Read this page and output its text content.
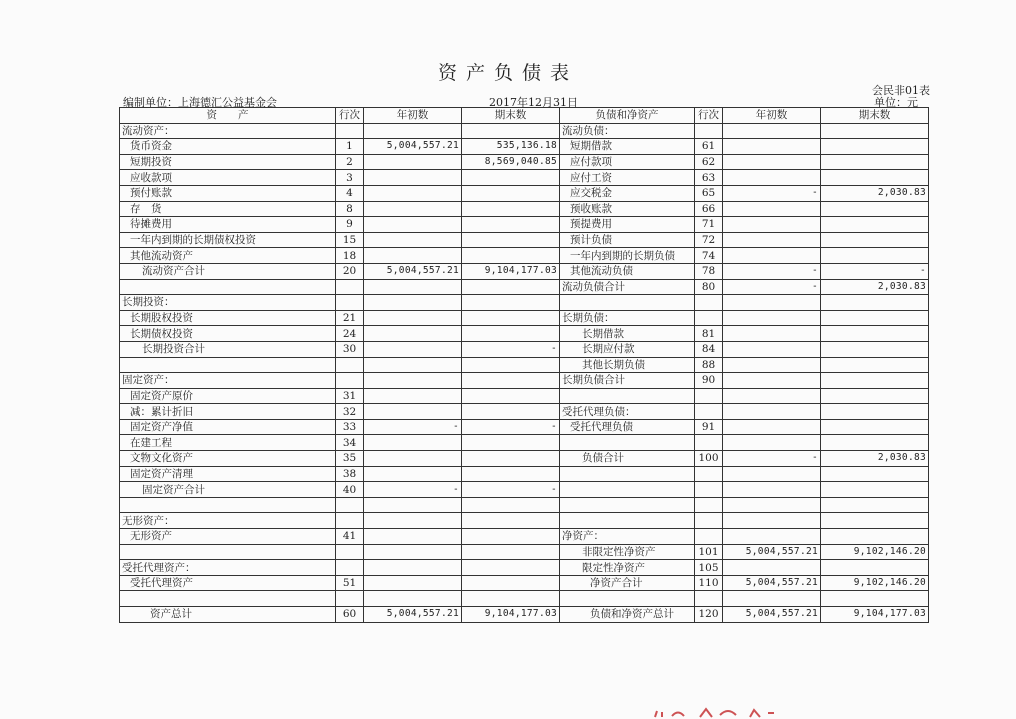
资产负债表
会民非01表
编制单位：上海德汇公益基金会	2017年12月31日	单位：元
资　　产	行次	年初数	期末数	负债和净资产	行次	年初数	期末数
流动资产：				流动负债：			
货币资金	1	5,004,557.21	535,136.18	短期借款	61		
短期投资	2		8,569,040.85	应付款项	62		
应收款项	3			应付工资	63		
预付账款	4			应交税金	65	-	2,030.83
存　货	8			预收账款	66		
待摊费用	9			预提费用	71		
一年内到期的长期债权投资	15			预计负债	72		
其他流动资产	18			一年内到期的长期负债	74		
流动资产合计	20	5,004,557.21	9,104,177.03	其他流动负债	78	-	-
				流动负债合计	80	-	2,030.83
长期投资：							
长期股权投资	21			长期负债：			
长期债权投资	24			长期借款	81		
长期投资合计	30		-	长期应付款	84		
				其他长期负债	88		
固定资产：				长期负债合计	90		
固定资产原价	31						
减：累计折旧	32			受托代理负债：			
固定资产净值	33	-	-	受托代理负债	91		
在建工程	34						
文物文化资产	35			负债合计	100	-	2,030.83
固定资产清理	38						
固定资产合计	40	-	-				

无形资产：							
无形资产	41			净资产：			
				非限定性净资产	101	5,004,557.21	9,102,146.20
受托代理资产：				限定性净资产	105		
受托代理资产	51			净资产合计	110	5,004,557.21	9,102,146.20

资产总计	60	5,004,557.21	9,104,177.03	负债和净资产总计	120	5,004,557.21	9,104,177.03
